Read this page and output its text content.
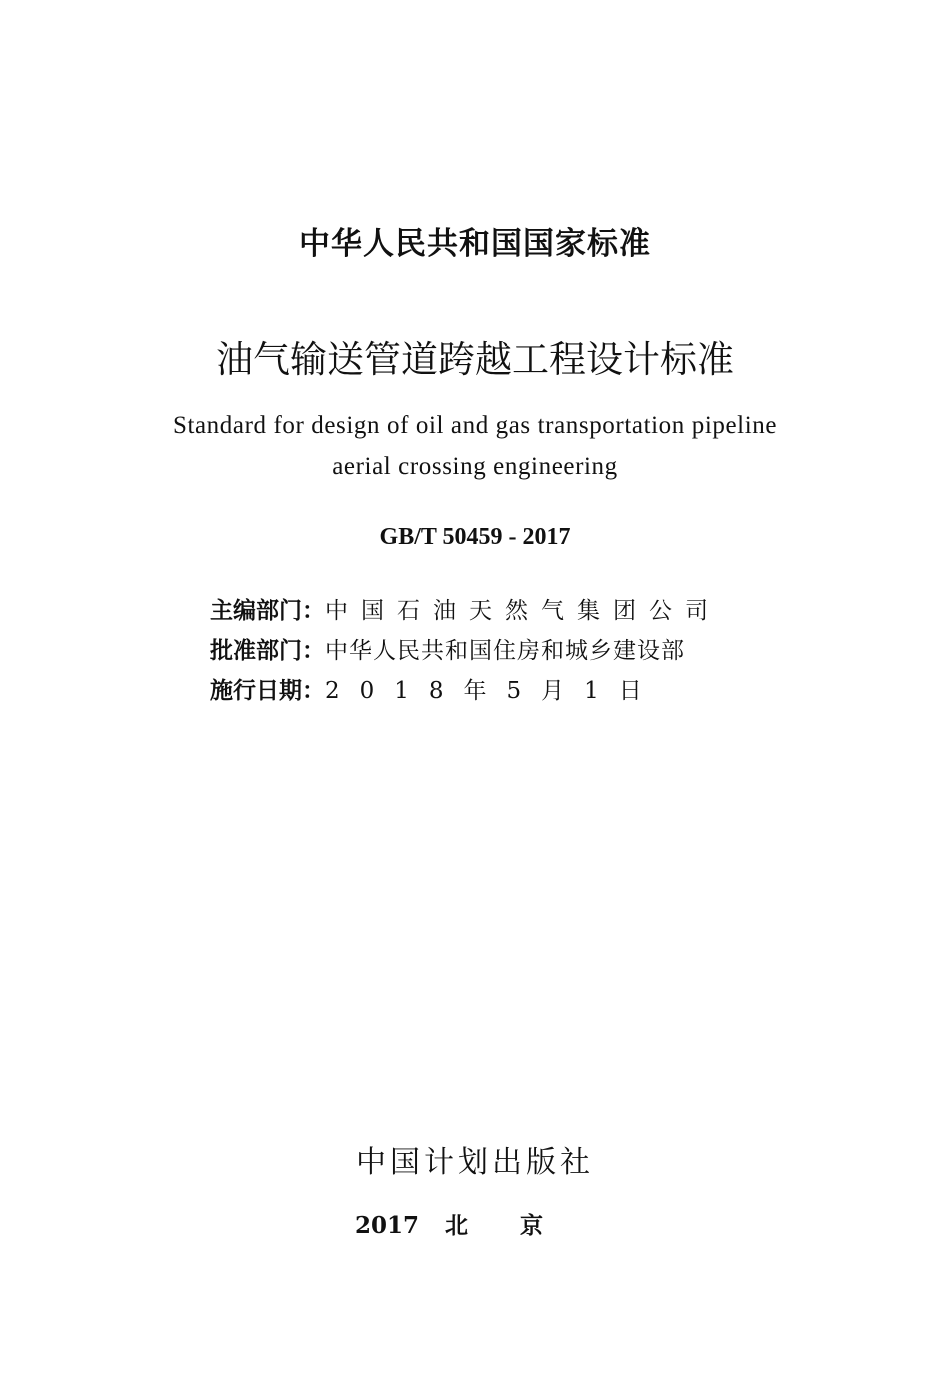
中华人民共和国国家标准
油气输送管道跨越工程设计标准
Standard for design of oil and gas transportation pipeline
aerial crossing engineering
GB/T 50459 - 2017
主编部门：中国石油天然气集团公司
批准部门：中华人民共和国住房和城乡建设部
施行日期：2018年5月1日
中国计划出版社
2017 北京
